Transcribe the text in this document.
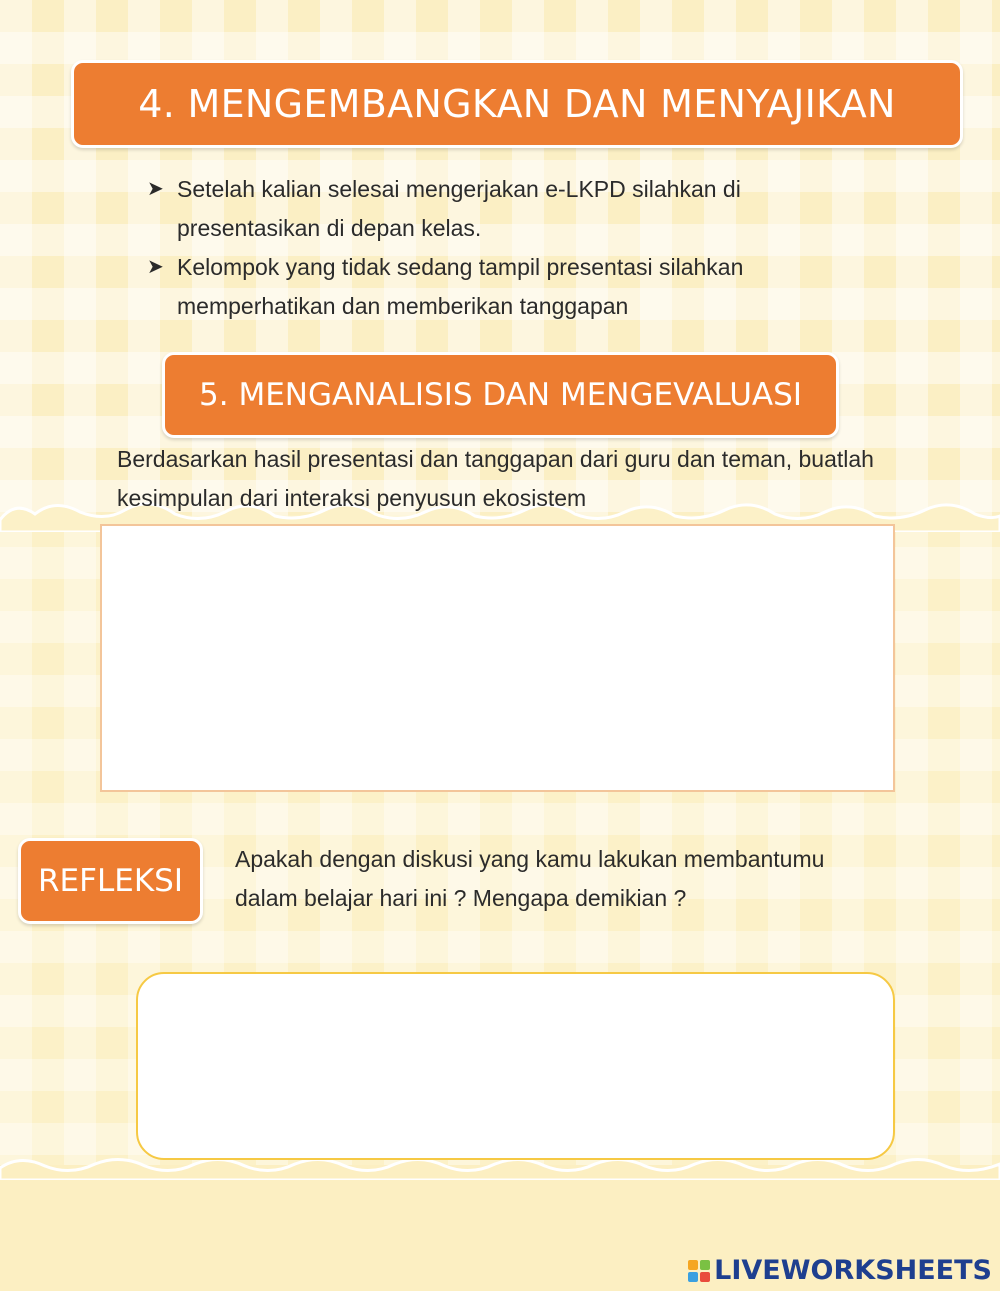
4. MENGEMBANGKAN DAN MENYAJIKAN
➤ Setelah kalian selesai mengerjakan e-LKPD silahkan di presentasikan di depan kelas.
➤ Kelompok yang tidak sedang tampil presentasi silahkan memperhatikan dan memberikan tanggapan
5. MENGANALISIS DAN MENGEVALUASI
Berdasarkan hasil presentasi dan tanggapan dari guru dan teman, buatlah kesimpulan dari interaksi penyusun ekosistem
REFLEKSI
Apakah dengan diskusi yang kamu lakukan membantumu dalam belajar hari ini ? Mengapa demikian ?
LIVEWORKSHEETS
